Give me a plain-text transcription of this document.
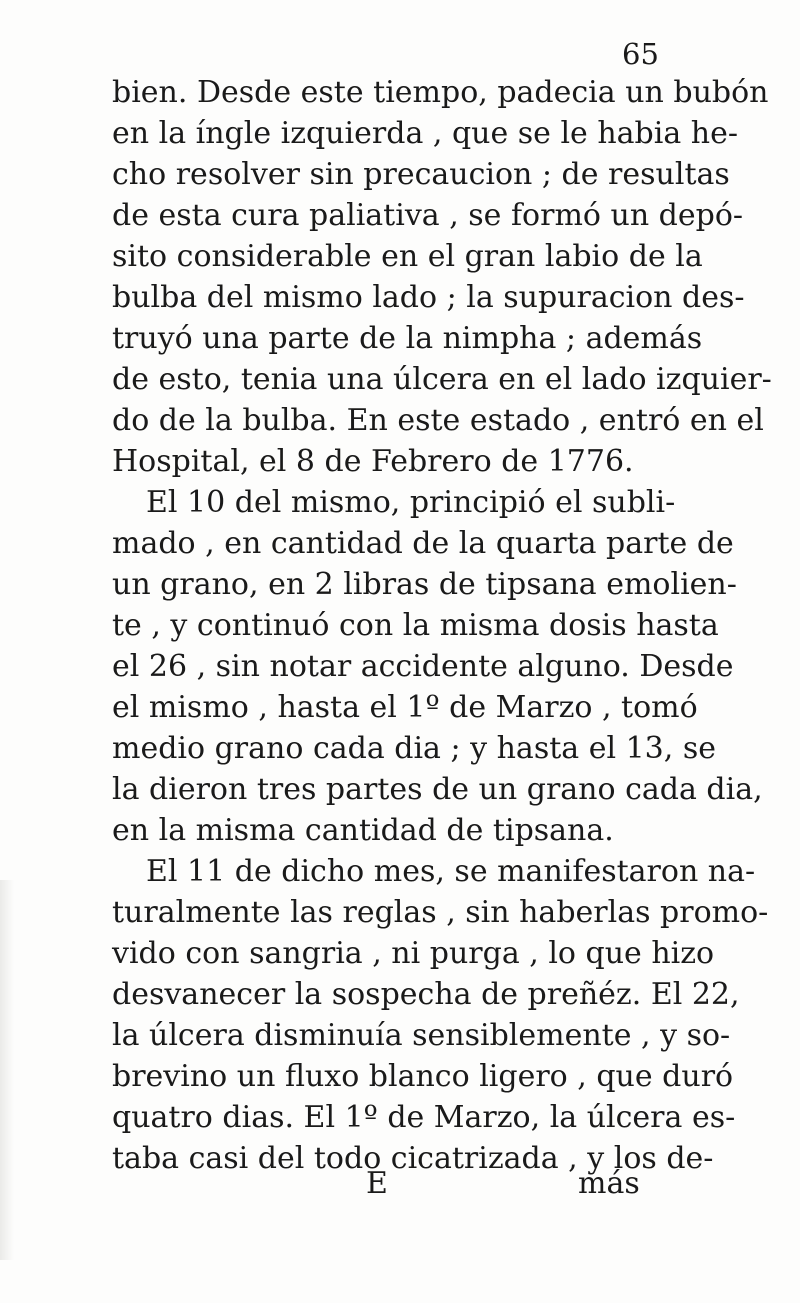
65
bien. Desde este tiempo, padecia un bubón
en la íngle izquierda , que se le habia he-
cho resolver sin precaucion ; de resultas
de esta cura paliativa , se formó un depó-
sito considerable en el gran labio de la
bulba del mismo lado ; la supuracion des-
truyó una parte de la nimpha ; además
de esto, tenia una úlcera en el lado izquier-
do de la bulba. En este estado , entró en el
Hospital, el 8 de Febrero de 1776.
El 10 del mismo, principió el subli-
mado , en cantidad de la quarta parte de
un grano, en 2 libras de tipsana emolien-
te , y continuó con la misma dosis hasta
el 26 , sin notar accidente alguno. Desde
el mismo , hasta el 1º de Marzo , tomó
medio grano cada dia ; y hasta el 13, se
la dieron tres partes de un grano cada dia,
en la misma cantidad de tipsana.
El 11 de dicho mes, se manifestaron na-
turalmente las reglas , sin haberlas promo-
vido con sangria , ni purga , lo que hizo
desvanecer la sospecha de preñéz. El 22,
la úlcera disminuía sensiblemente , y so-
brevino un fluxo blanco ligero , que duró
quatro dias. El 1º de Marzo, la úlcera es-
taba casi del todo cicatrizada , y los de-
E	más
